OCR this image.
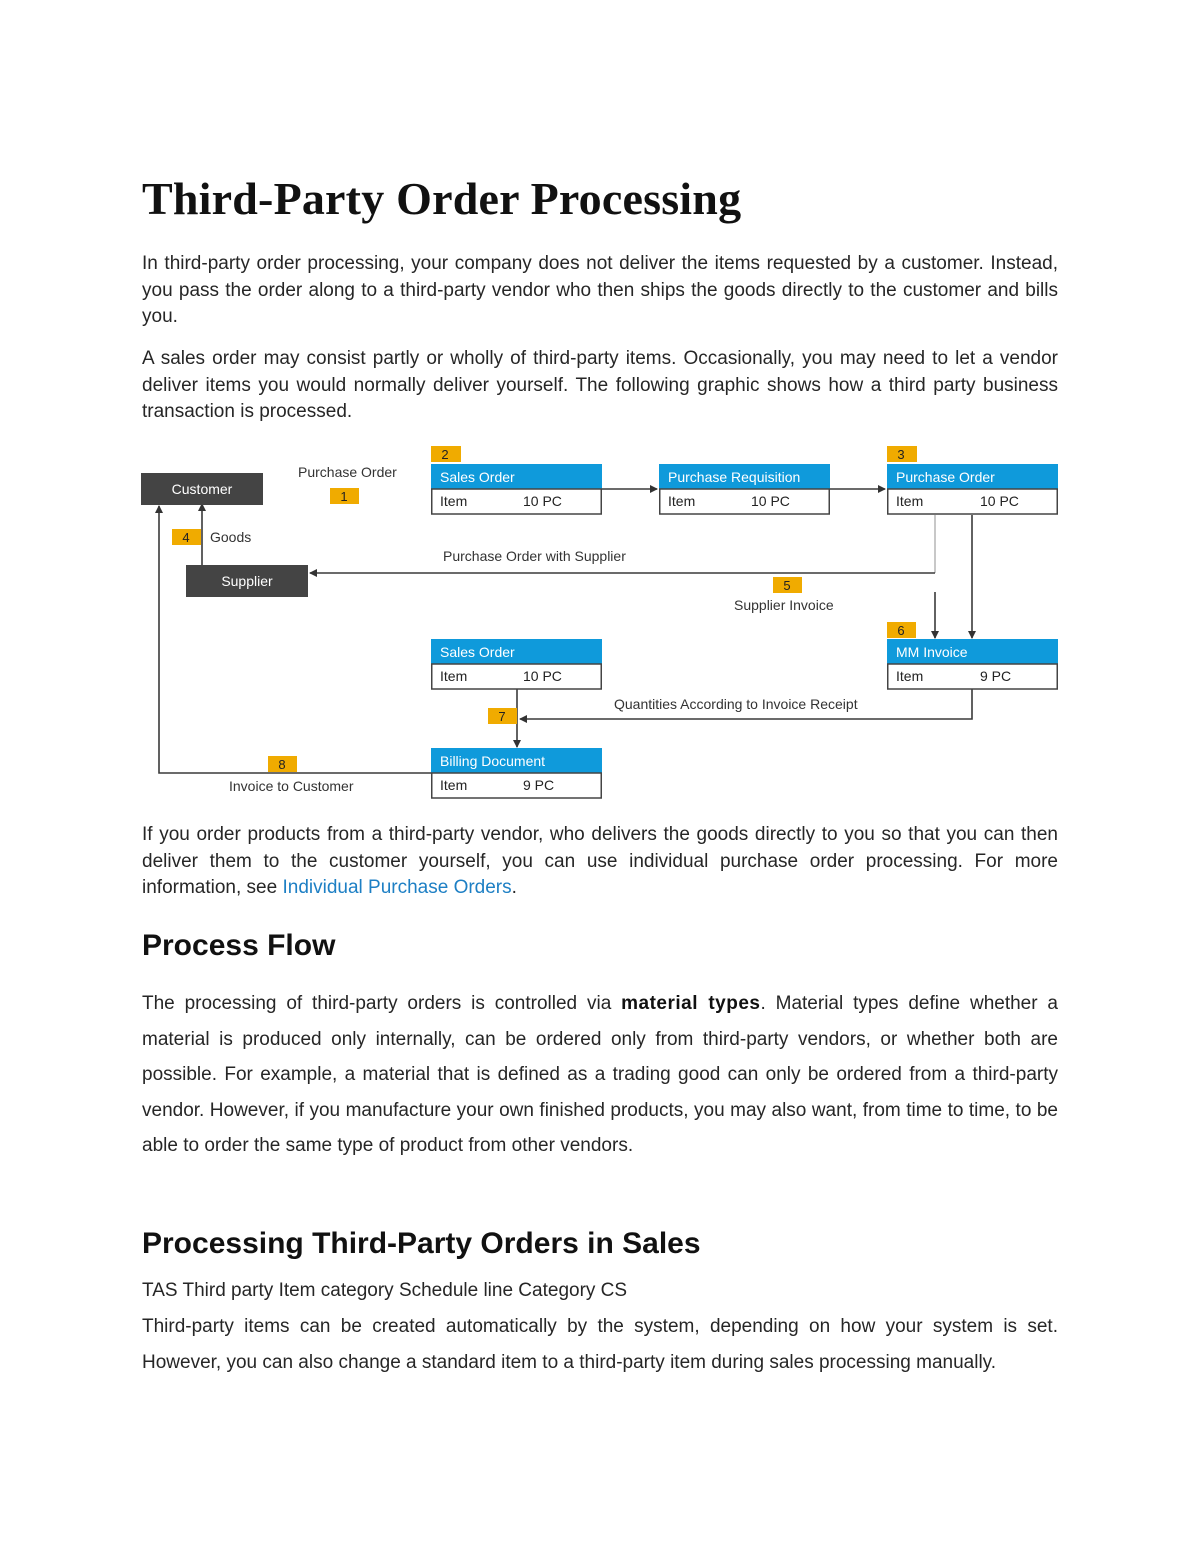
Third-Party Order Processing

In third-party order processing, your company does not deliver the items requested by a customer. Instead, you pass the order along to a third-party vendor who then ships the goods directly to the customer and bills you.

A sales order may consist partly or wholly of third-party items. Occasionally, you may need to let a vendor deliver items you would normally deliver yourself. The following graphic shows how a third party business transaction is processed.

If you order products from a third-party vendor, who delivers the goods directly to you so that you can then deliver them to the customer yourself, you can use individual purchase order processing. For more information, see Individual Purchase Orders.

Process Flow

The processing of third-party orders is controlled via material types. Material types define whether a material is produced only internally, can be ordered only from third-party vendors, or whether both are possible. For example, a material that is defined as a trading good can only be ordered from a third-party vendor. However, if you manufacture your own finished products, you may also want, from time to time, to be able to order the same type of product from other vendors.

Processing Third-Party Orders in Sales

TAS Third party Item category Schedule line Category CS

Third-party items can be created automatically by the system, depending on how your system is set. However, you can also change a standard item to a third-party item during sales processing manually.

Customer
Supplier
1
2	3
4
5
6
7
8
Purchase Order
Goods
Purchase Order with Supplier
Supplier Invoice
Quantities According to Invoice Receipt
Invoice to Customer
Sales Order
Item	10 PC
Purchase Requisition
Item	10 PC
Purchase Order
Item	10 PC
Sales Order
Item	10 PC
MM Invoice
Item	9 PC
Billing Document
Item	9 PC
